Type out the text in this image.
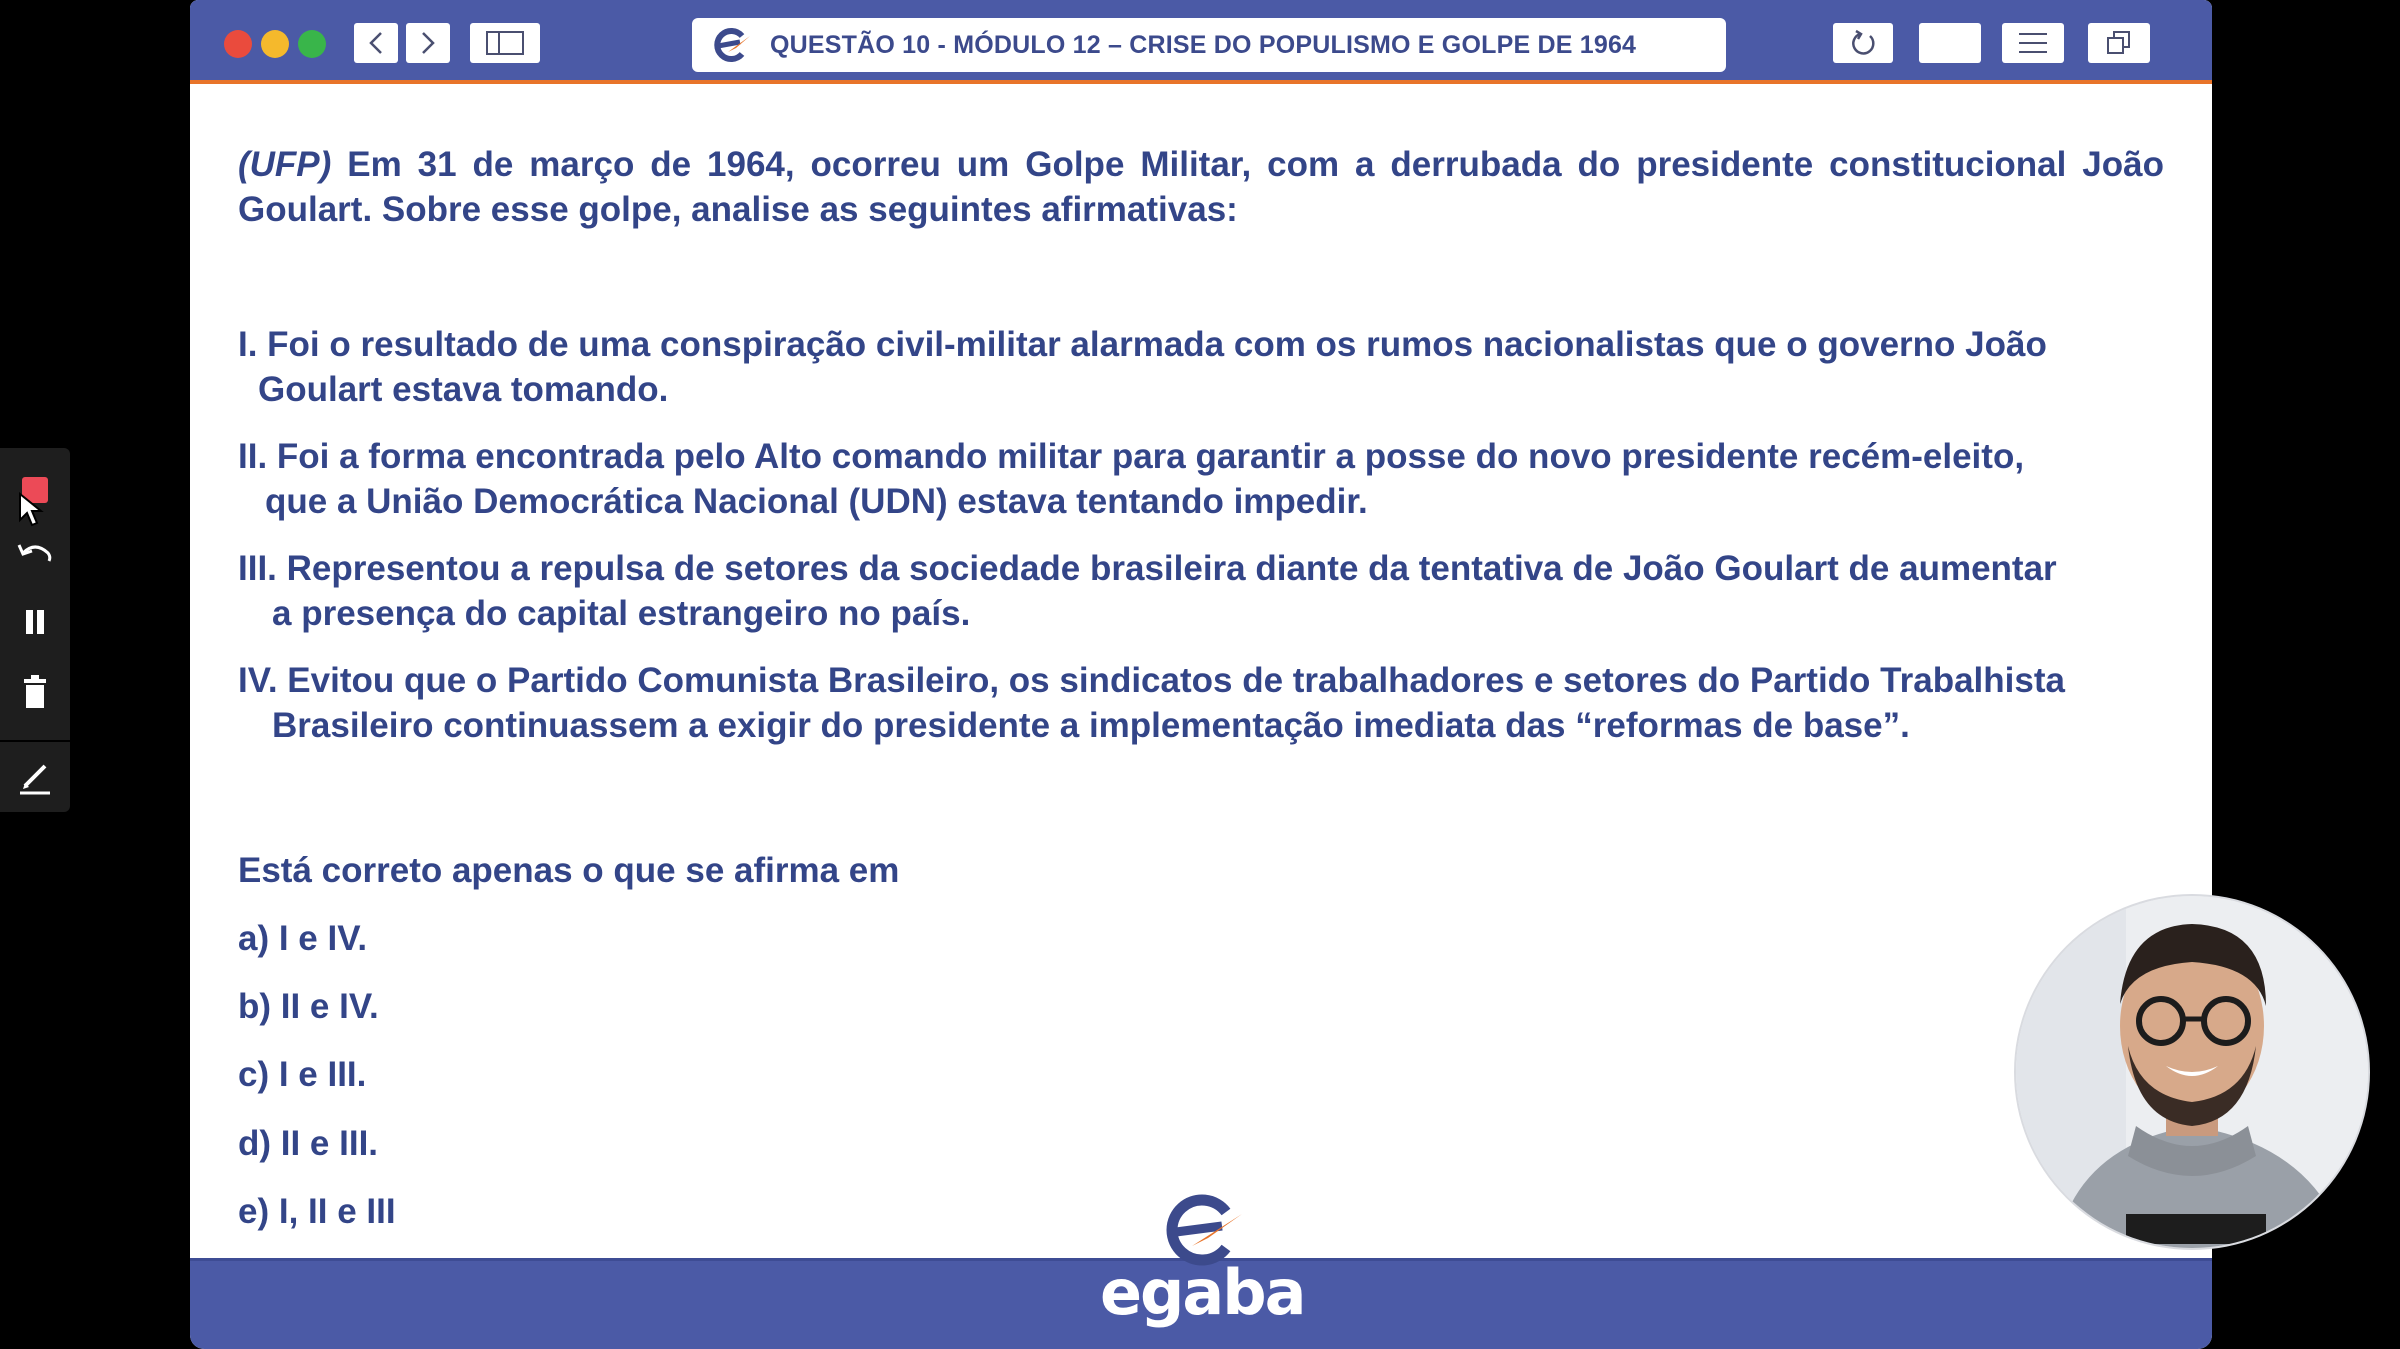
QUESTÃO 10 - MÓDULO 12 – CRISE DO POPULISMO E GOLPE DE 1964

(UFP) Em 31 de março de 1964, ocorreu um Golpe Militar, com a derrubada do presidente constitucional João Goulart. Sobre esse golpe, analise as seguintes afirmativas:

I. Foi o resultado de uma conspiração civil-militar alarmada com os rumos nacionalistas que o governo João
Goulart estava tomando.
II. Foi a forma encontrada pelo Alto comando militar para garantir a posse do novo presidente recém-eleito,
que a União Democrática Nacional (UDN) estava tentando impedir.
III. Representou a repulsa de setores da sociedade brasileira diante da tentativa de João Goulart de aumentar
a presença do capital estrangeiro no país.
IV. Evitou que o Partido Comunista Brasileiro, os sindicatos de trabalhadores e setores do Partido Trabalhista
Brasileiro continuassem a exigir do presidente a implementação imediata das “reformas de base”.

Está correto apenas o que se afirma em

a) I e IV.

b) II e IV.

c) I e III.

d) II e III.

e) I, II e III

egaba
